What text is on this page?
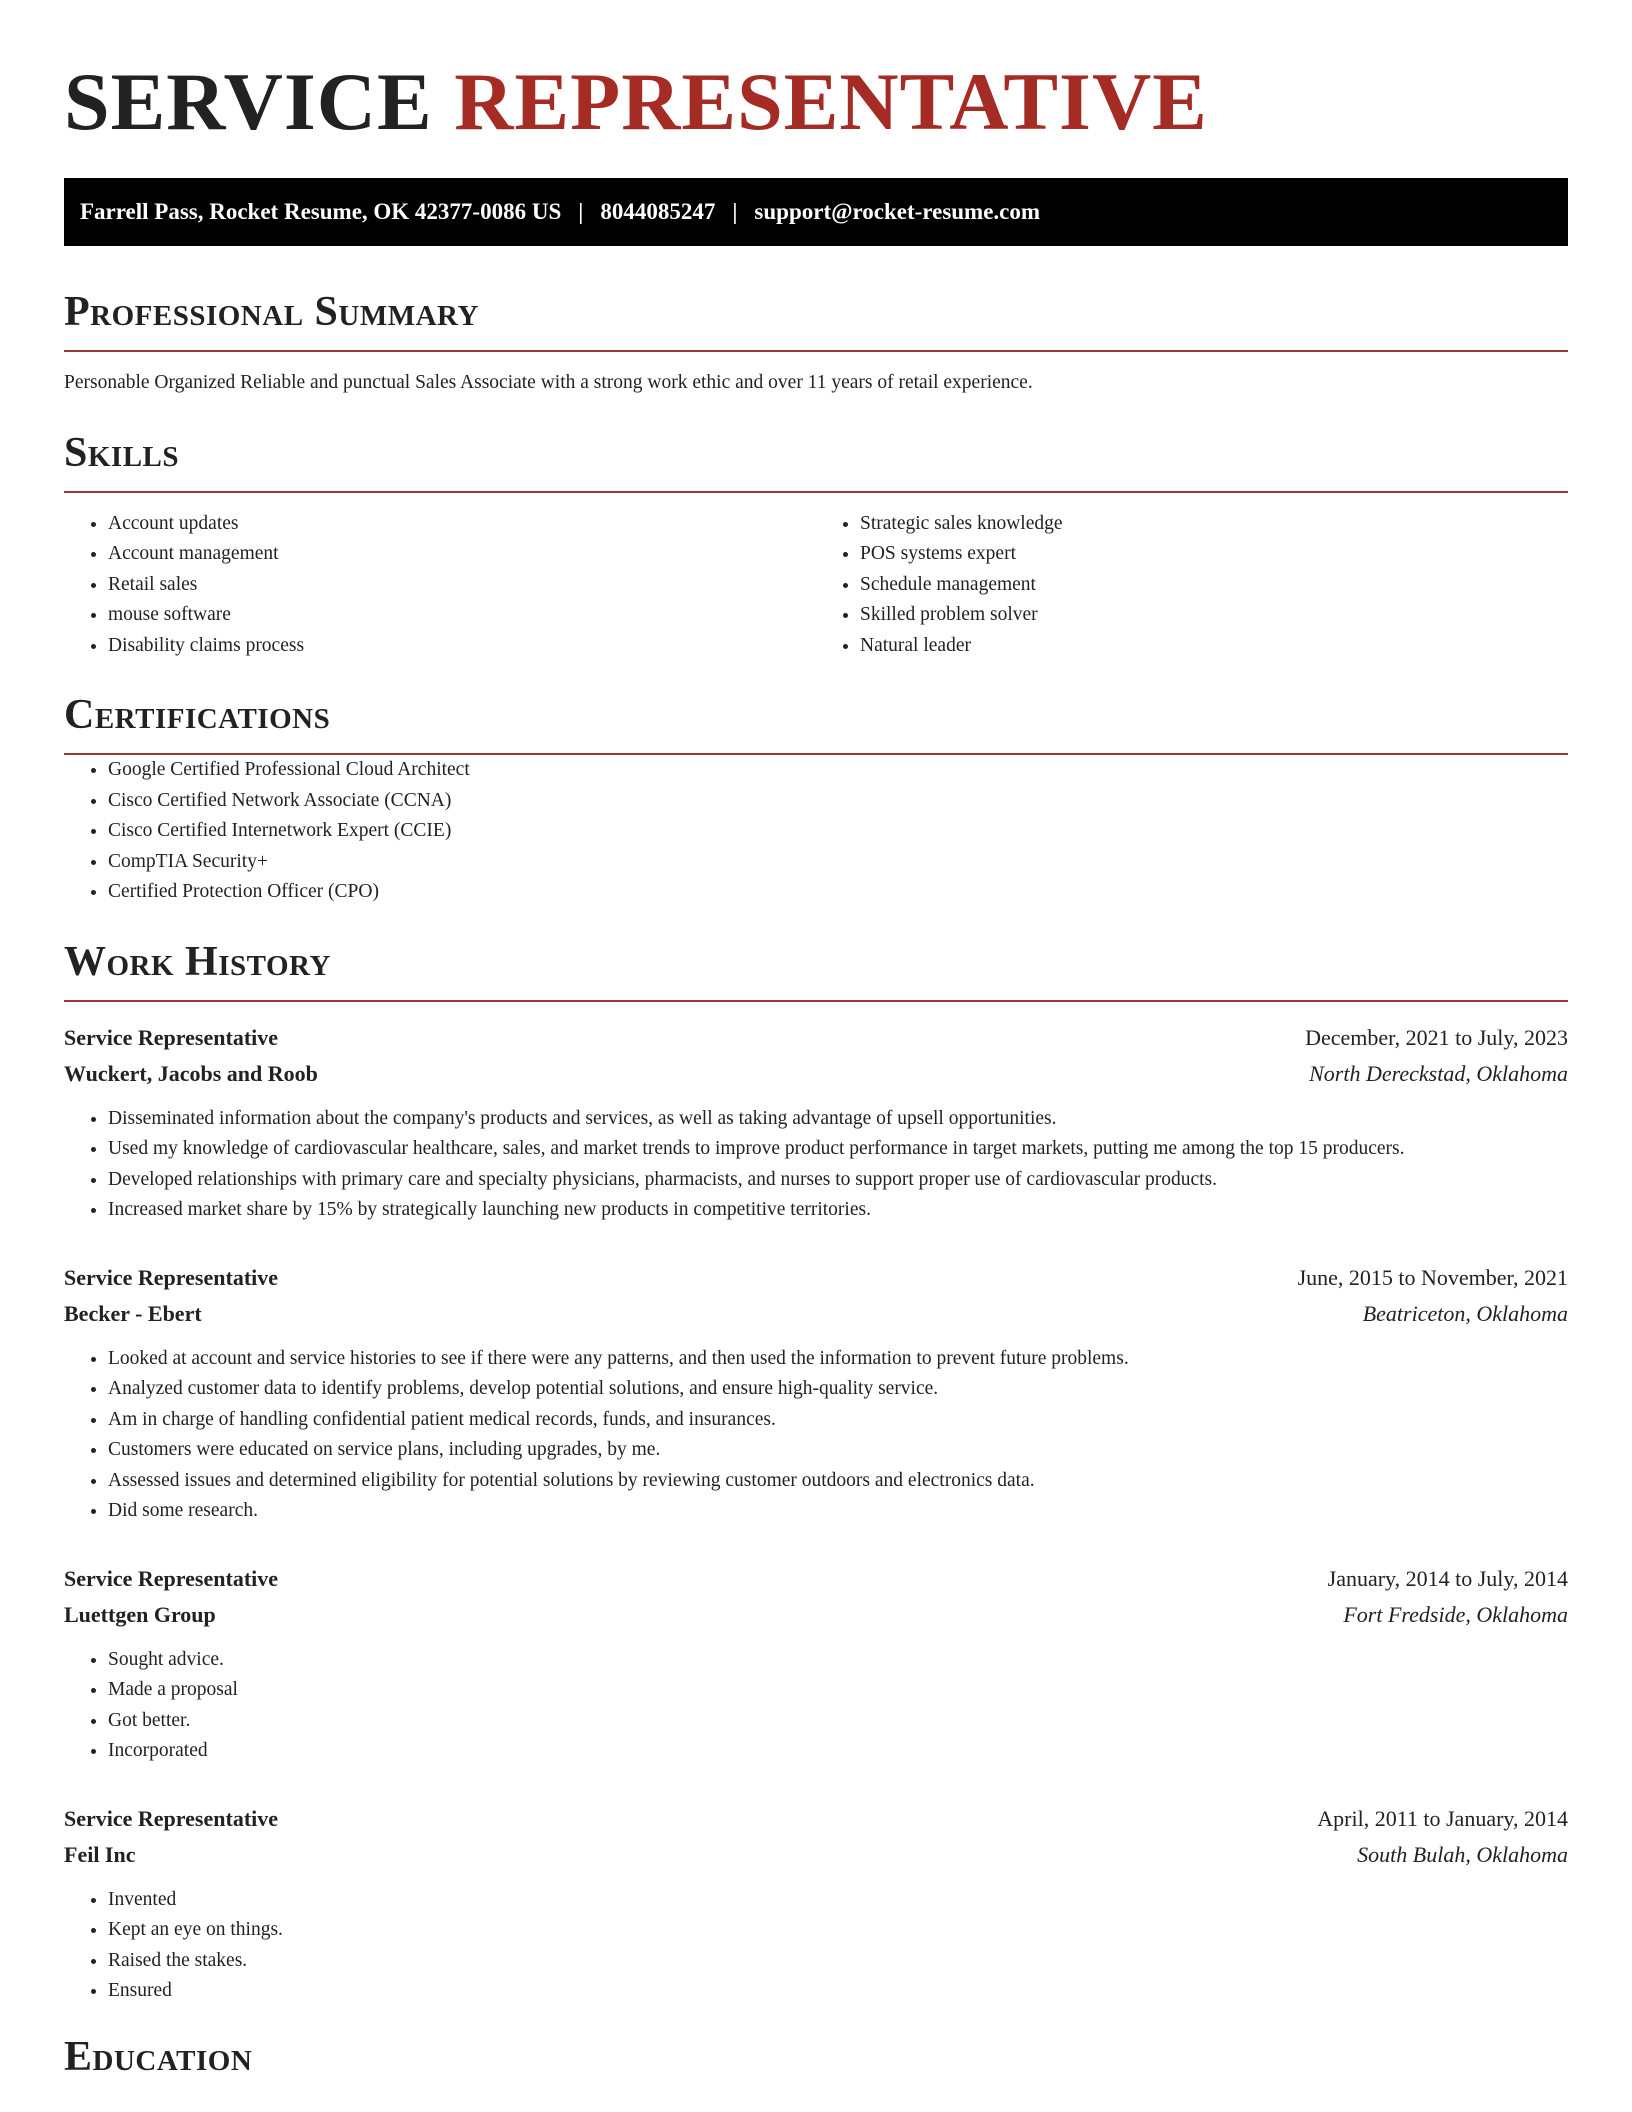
SERVICE REPRESENTATIVE
Farrell Pass, Rocket Resume, OK 42377-0086 US | 8044085247 | support@rocket-resume.com
Professional Summary
Personable Organized Reliable and punctual Sales Associate with a strong work ethic and over 11 years of retail experience.
Skills
• Account updates
• Account management
• Retail sales
• mouse software
• Disability claims process
• Strategic sales knowledge
• POS systems expert
• Schedule management
• Skilled problem solver
• Natural leader
Certifications
• Google Certified Professional Cloud Architect
• Cisco Certified Network Associate (CCNA)
• Cisco Certified Internetwork Expert (CCIE)
• CompTIA Security+
• Certified Protection Officer (CPO)
Work History
Service Representative	December, 2021 to July, 2023
Wuckert, Jacobs and Roob	North Dereckstad, Oklahoma
• Disseminated information about the company's products and services, as well as taking advantage of upsell opportunities.
• Used my knowledge of cardiovascular healthcare, sales, and market trends to improve product performance in target markets, putting me among the top 15 producers.
• Developed relationships with primary care and specialty physicians, pharmacists, and nurses to support proper use of cardiovascular products.
• Increased market share by 15% by strategically launching new products in competitive territories.
Service Representative	June, 2015 to November, 2021
Becker - Ebert	Beatriceton, Oklahoma
• Looked at account and service histories to see if there were any patterns, and then used the information to prevent future problems.
• Analyzed customer data to identify problems, develop potential solutions, and ensure high-quality service.
• Am in charge of handling confidential patient medical records, funds, and insurances.
• Customers were educated on service plans, including upgrades, by me.
• Assessed issues and determined eligibility for potential solutions by reviewing customer outdoors and electronics data.
• Did some research.
Service Representative	January, 2014 to July, 2014
Luettgen Group	Fort Fredside, Oklahoma
• Sought advice.
• Made a proposal
• Got better.
• Incorporated
Service Representative	April, 2011 to January, 2014
Feil Inc	South Bulah, Oklahoma
• Invented
• Kept an eye on things.
• Raised the stakes.
• Ensured
Education
